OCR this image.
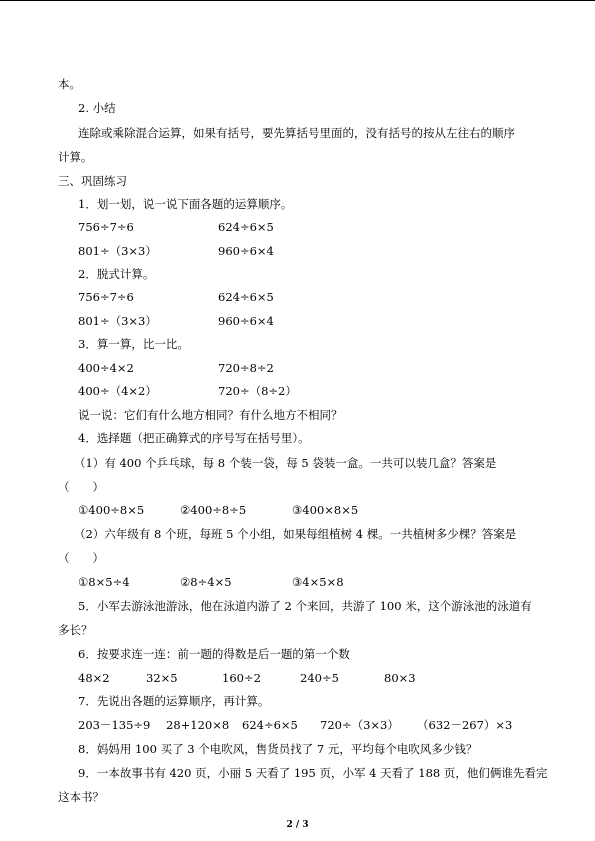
本。
2. 小结
连除或乘除混合运算，如果有括号，要先算括号里面的，没有括号的按从左往右的顺序
计算。
三、巩固练习
1．划一划，说一说下面各题的运算顺序。
756÷7÷6	624÷6×5
801÷（3×3）	960÷6×4
2．脱式计算。
756÷7÷6	624÷6×5
801÷（3×3）	960÷6×4
3．算一算，比一比。
400÷4×2	720÷8÷2
400÷（4×2）	720÷（8÷2）
说一说：它们有什么地方相同？有什么地方不相同？
4．选择题（把正确算式的序号写在括号里）。
（1）有 400 个乒乓球，每 8 个装一袋，每 5 袋装一盒。一共可以装几盒？答案是
（　　）
①400÷8×5	②400÷8÷5	③400×8×5
（2）六年级有 8 个班，每班 5 个小组，如果每组植树 4 棵。一共植树多少棵？答案是
（　　）
①8×5÷4	②8÷4×5	③4×5×8
5．小军去游泳池游泳，他在泳道内游了 2 个来回，共游了 100 米，这个游泳池的泳道有
多长？
6．按要求连一连：前一题的得数是后一题的第一个数
48×2	32×5	160÷2	240÷5	80×3
7．先说出各题的运算顺序，再计算。
203－135÷9 28+120×8 624÷6×5 720÷（3×3） （632－267）×3
8．妈妈用 100 买了 3 个电吹风，售货员找了 7 元，平均每个电吹风多少钱？
9．一本故事书有 420 页，小丽 5 天看了 195 页，小军 4 天看了 188 页，他们俩谁先看完
这本书？
2 / 3
